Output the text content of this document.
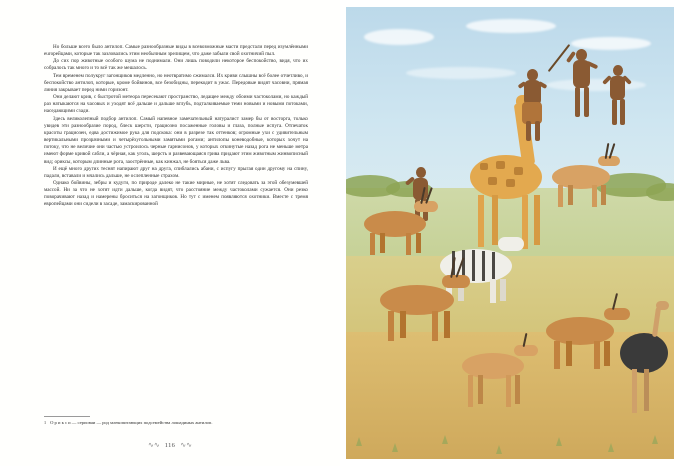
Но больше всего было антилоп. Самые разнообразные виды в всевозможные масти предстали перед изумлёнными europейцами, которые так зазловались этим необычным зрелищем, что даже забыли свой охотничий пыл.

До сих пор животные особого шума не поднимали. Они лишь поводили некоторое беспокойство, видя, что их собралось так много и то всё так же мешалось.

Тем временем полукруг загонщиков медленно, но неотвратимо сжимался. Их криви слышны всё более отчетливо, и беспокойство антилоп, которые, кроме бойвинов, все безобидны, перекодит в ужас. Передовые видят часовни, прямая линия закрывает перед ними горизонт.

Они делают крив, с быстротой метеора пересекают пространство, ледащее между обоими частоколами, но каждый раз натыкаются на часовых и уходят всё дальше и дальше вглубь, подталкиваемые теми новыми и новыми потоками, наседающими сзади.

Здесь великолепный подбор антилоп. Самый напевное замечательный натуралист замер бы от восторга, только увидев эти разнообразие пород, блеск шерсти, грациозно посаженные головы и глаза, полные испуга. Отпечаток красоты грациозен, едва достижимое рука для подскока: они в разрезе так оттенков; огромные ухи с удивительным вертикальными прозрачными и четырёхугольными замятыми рогами; антилопы коневодобные, которых хочут на потоку, что не величие они частью устроилось черные гарнисонов, у которых откинутые назад рога не меньше метра имеют форме кривой сабли, а чёрная, как уголь, шерсть и развевающаяся грива придают этим животным жинвописный вид; ориксы, которым длинные рога, заострённые, как кинжал, не бояться даже льва.

И ещё много других теснят напирают друг на друга, спиблались абани, с испугу прыгая один другому на спину, падали, вставали и мчались дальше, не ослепленные страхом.

Однако бойвины, зебры и кудуги, по природе далеко не такие мирные, не хотят следовать за этой обезумевшей массой. Ни за что не хотят идти дальше, когда видят, что расстояние между частоколами сужается. Они резко поворачивают назад и намерены броситься на загонщиков. Но тут с именем появляются охотники. Вместе с тремя европейцами они сидели в засаде, замаскированной

1 О р и к с и — серповаи — род млекопитающих подсемейства лошадиных антилоп.
∿∿ 116 ∿∿
